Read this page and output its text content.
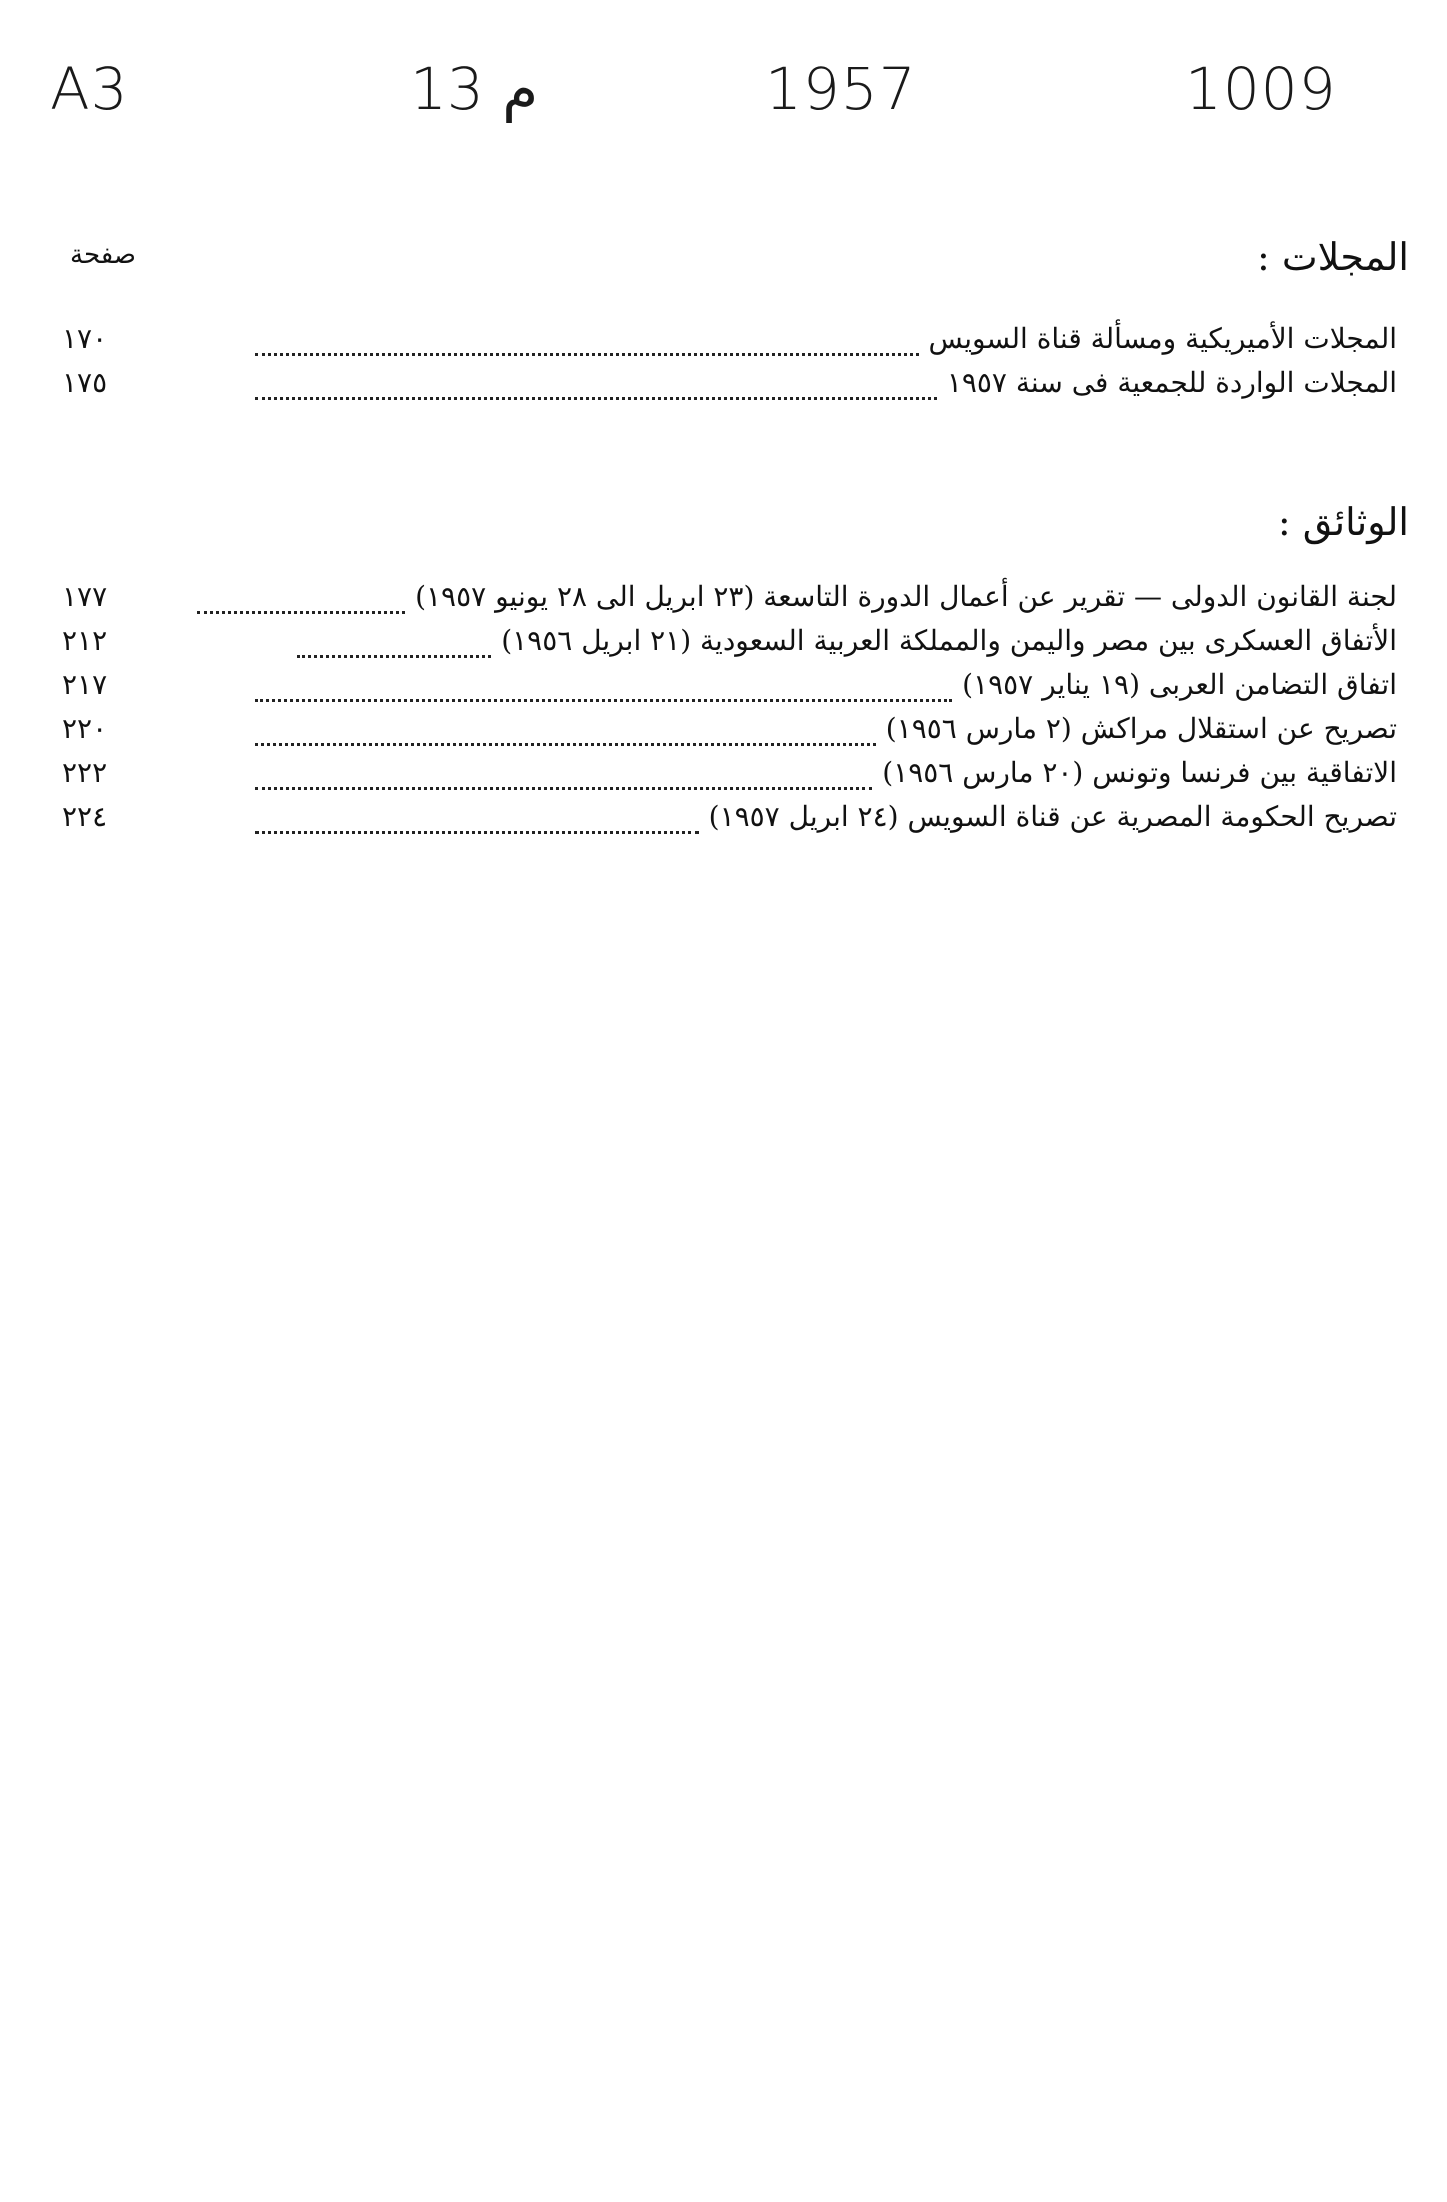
A3	13 م	1957	1009
صفحة	المجلات :
١٧٠	المجلات الأميريكية ومسألة قناة السويس
١٧٥	المجلات الواردة للجمعية فى سنة ١٩٥٧
الوثائق :
١٧٧	لجنة القانون الدولى — تقرير عن أعمال الدورة التاسعة (٢٣ ابريل الى ٢٨ يونيو ١٩٥٧)
٢١٢	الأتفاق العسكرى بين مصر واليمن والمملكة العربية السعودية (٢١ ابريل ١٩٥٦)
٢١٧	اتفاق التضامن العربى (١٩ يناير ١٩٥٧)
٢٢٠	تصريح عن استقلال مراكش (٢ مارس ١٩٥٦)
٢٢٢	الاتفاقية بين فرنسا وتونس (٢٠ مارس ١٩٥٦)
٢٢٤	تصريح الحكومة المصرية عن قناة السويس (٢٤ ابريل ١٩٥٧)
